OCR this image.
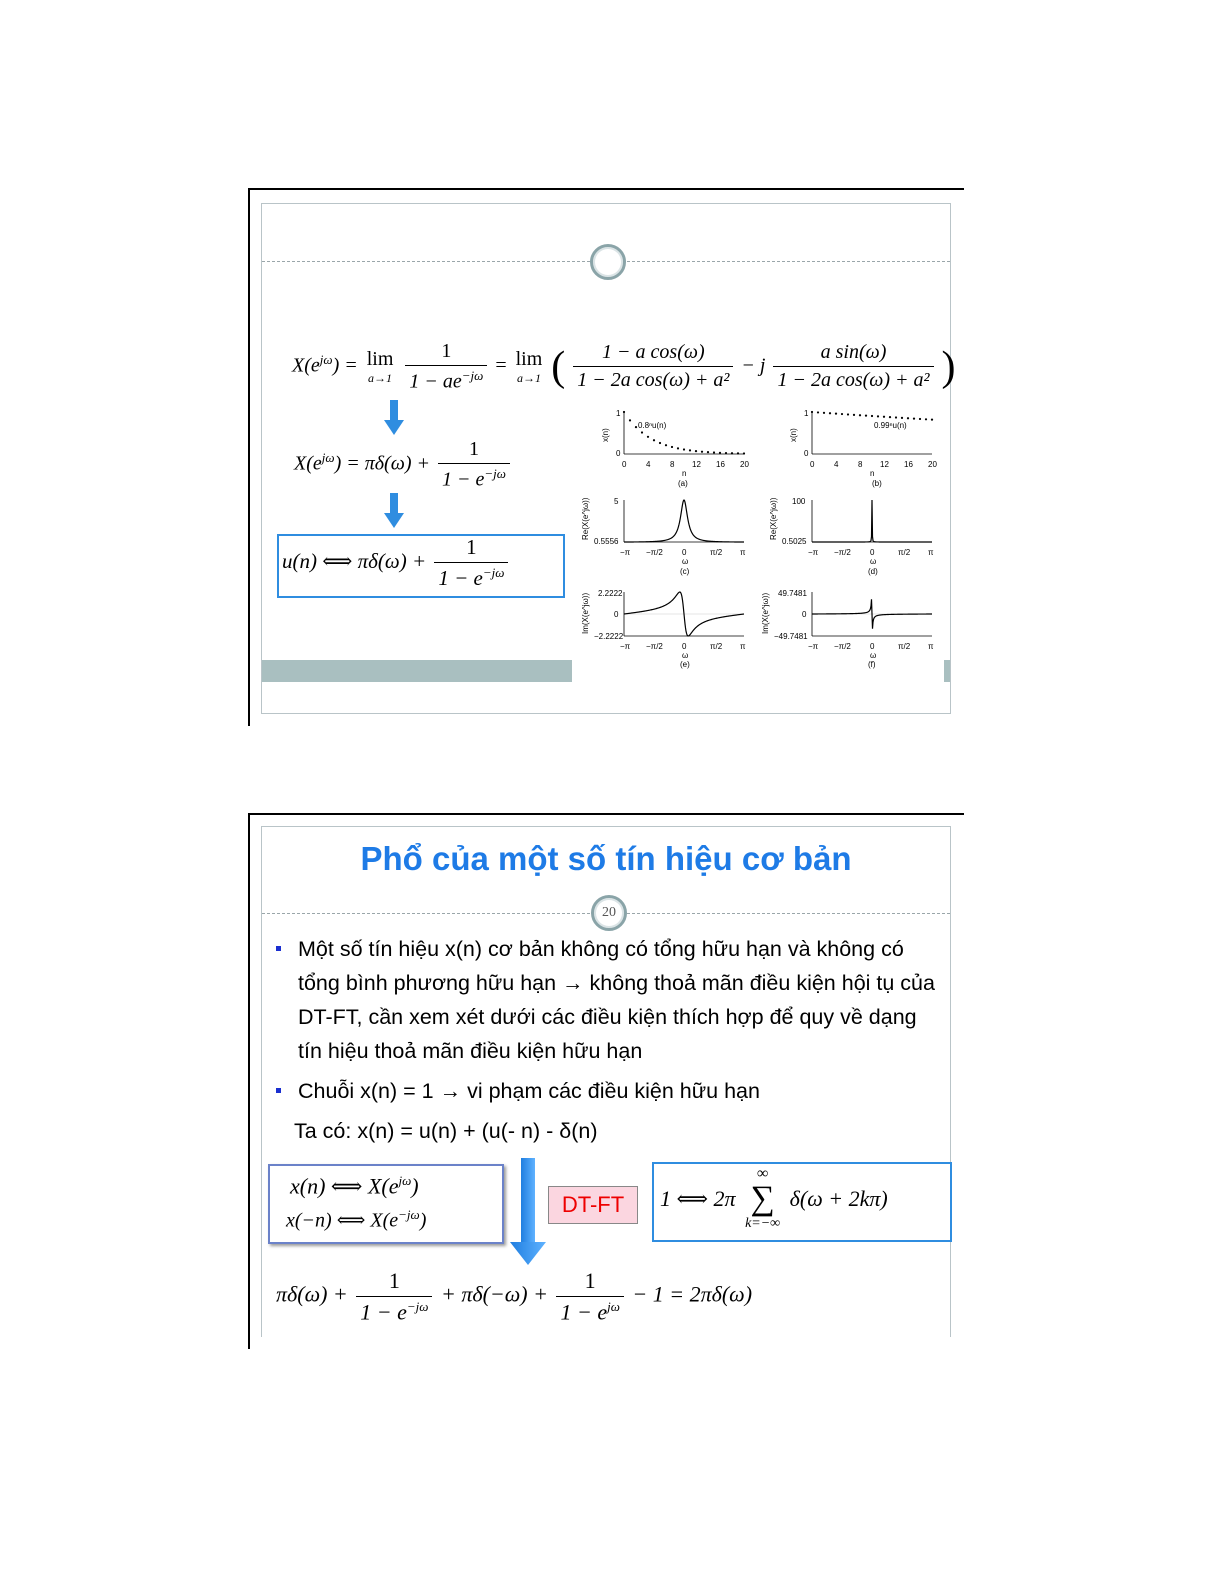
$X(e^{j\omega}) = \lim$
a→1
$\frac{1}{1 - ae^{-j\omega}} = \lim$
a→1 ( $\frac{\text{1 − a cos(ω)}}{\text{1 − 2a cos(ω) + a²}} - j \frac{\text{a sin(ω)}}{\text{1 − 2a cos(ω) + a²}}$ )
$X(e^{j\omega}) = \pi\delta(\omega) + \frac{1}{1 - e^{-j\omega}}$
u(n) ⟺ $\pi\delta(\omega) + \frac{1}{1 - e^{-j\omega}}$
1
0
0.8ⁿu(n)
0 4 8 12 16 20
n
(a)
x(n)
1
0
0.99ⁿu(n)
0 4 8 12 16 20
n
(b)
x(n)
5
0.5556
−π −π/2 0	π/2 π
ω
(c)
Re(X(e^jω))	100
0.5025
−π −π/2 0	π/2 π
ω
(d)
Re(X(e^jω))
2.2222
0
−2.2222
−π −π/2 0	π/2 π
ω
(e)
Im(X(e^jω))	49.7481
0
−49.7481
−π −π/2 0	π/2 π
ω
(f)
Im(X(e^jω))
Phổ của một số tín hiệu cơ bản
20
Một số tín hiệu x(n) cơ bản không có tổng hữu hạn và không có tổng bình phương hữu hạn → không thoả mãn điều kiện hội tụ của DT-FT, cần xem xét dưới các điều kiện thích hợp để quy về dạng tín hiệu thoả mãn điều kiện hữu hạn
Chuỗi x(n) = 1 → vi phạm các điều kiện hữu hạn
Ta có: x(n) = u(n) + (u(- n) - δ(n)
x(n) ⟺ $X(e^{j\omega})$
x(−n) ⟺ $X(e^{-j\omega})$
DT-FT	1 ⟺ 2π
∞
∑
k=−∞
δ(ω + 2kπ)
$\pi\delta(\omega) + \frac{1}{1 - e^{-j\omega}} + \pi\delta(-\omega) + \frac{1}{1 - e^{j\omega}} - 1 = 2\pi\delta(\omega)$
